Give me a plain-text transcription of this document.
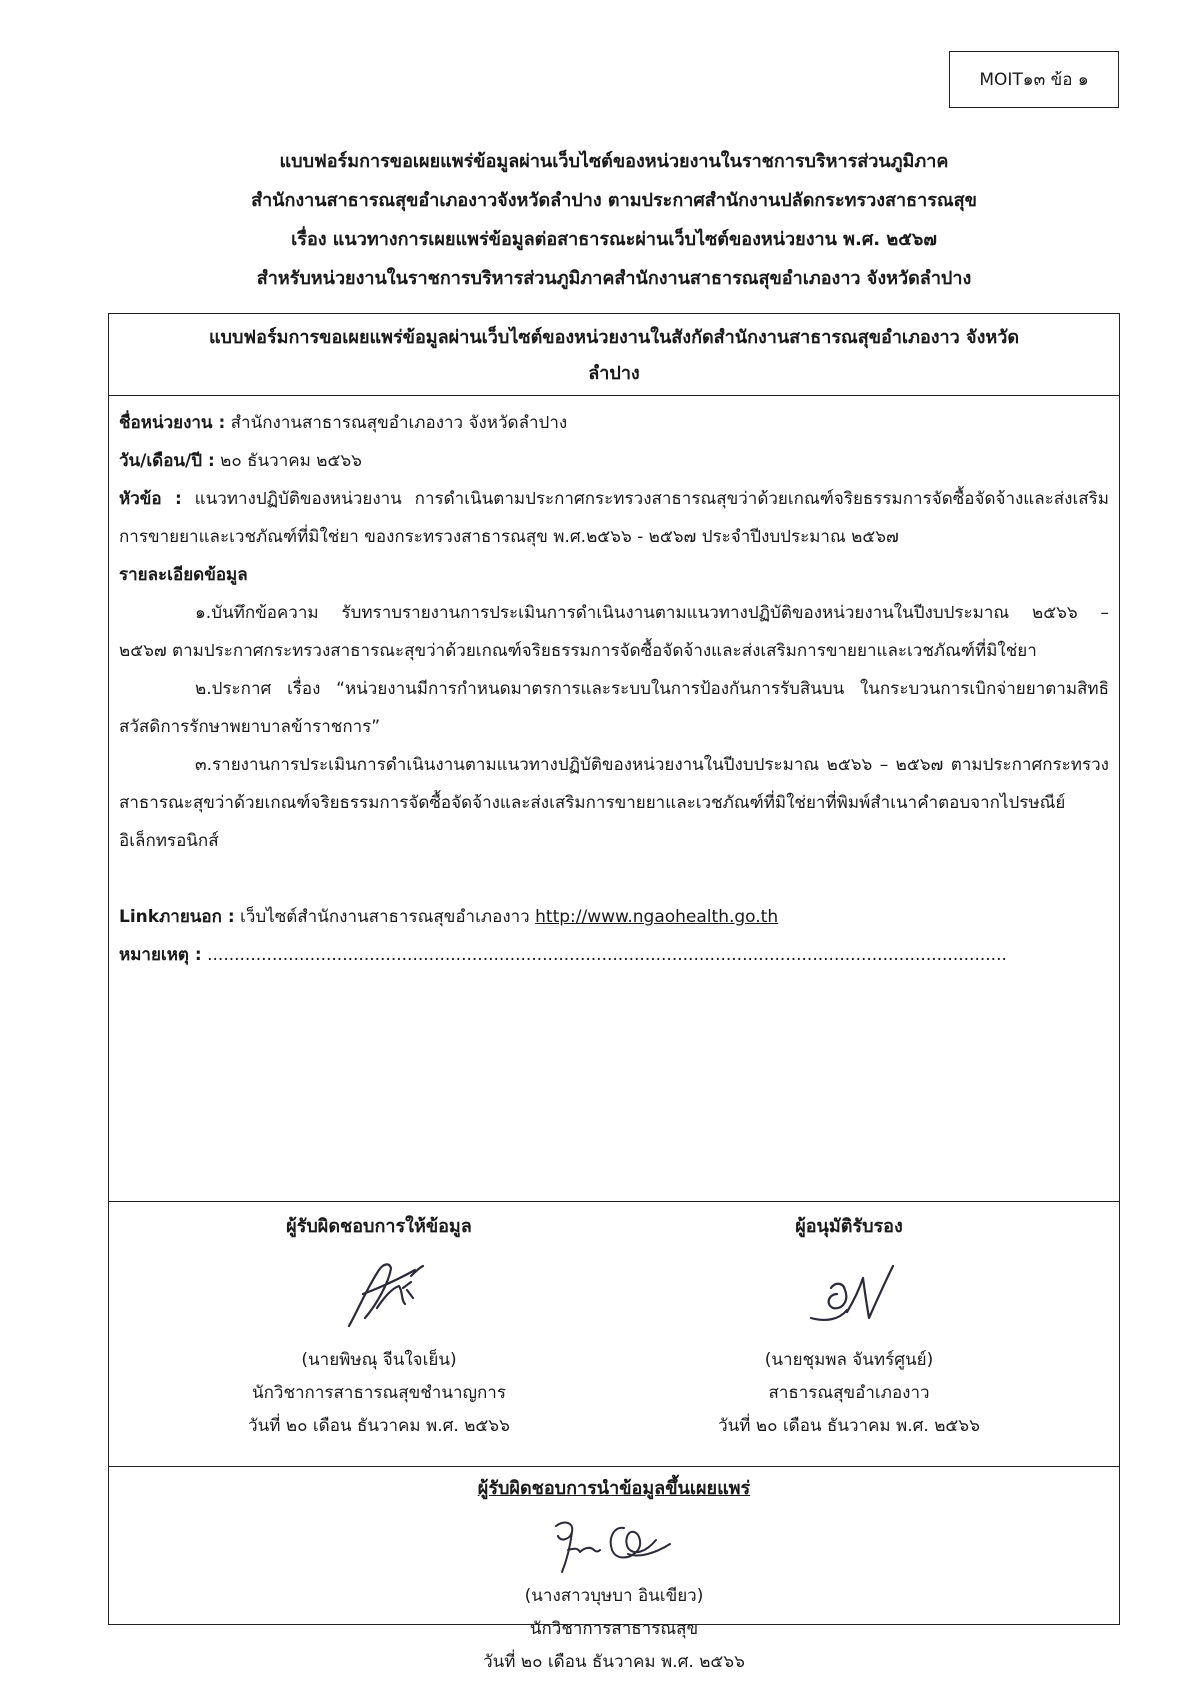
MOIT๑๓ ข้อ ๑
แบบฟอร์มการขอเผยแพร่ข้อมูลผ่านเว็บไซต์ของหน่วยงานในราชการบริหารส่วนภูมิภาค
สำนักงานสาธารณสุขอำเภองาวจังหวัดลำปาง ตามประกาศสำนักงานปลัดกระทรวงสาธารณสุข
เรื่อง แนวทางการเผยแพร่ข้อมูลต่อสาธารณะผ่านเว็บไซต์ของหน่วยงาน พ.ศ. ๒๕๖๗
สำหรับหน่วยงานในราชการบริหารส่วนภูมิภาคสำนักงานสาธารณสุขอำเภองาว จังหวัดลำปาง
แบบฟอร์มการขอเผยแพร่ข้อมูลผ่านเว็บไซต์ของหน่วยงานในสังกัดสำนักงานสาธารณสุขอำเภองาว จังหวัด
ลำปาง
ชื่อหน่วยงาน : สำนักงานสาธารณสุขอำเภองาว จังหวัดลำปาง
วัน/เดือน/ปี : ๒๐ ธันวาคม ๒๕๖๖
หัวข้อ : แนวทางปฏิบัติของหน่วยงาน การดำเนินตามประกาศกระทรวงสาธารณสุขว่าด้วยเกณฑ์จริยธรรมการจัดซื้อจัดจ้างและส่งเสริมการขายยาและเวชภัณฑ์ที่มิใช่ยา ของกระทรวงสาธารณสุข พ.ศ.๒๕๖๖ - ๒๕๖๗ ประจำปีงบประมาณ ๒๕๖๗
รายละเอียดข้อมูล
๑.บันทึกข้อความ รับทราบรายงานการประเมินการดำเนินงานตามแนวทางปฏิบัติของหน่วยงานในปีงบประมาณ ๒๕๖๖ – ๒๕๖๗ ตามประกาศกระทรวงสาธารณะสุขว่าด้วยเกณฑ์จริยธรรมการจัดซื้อจัดจ้างและส่งเสริมการขายยาและเวชภัณฑ์ที่มิใช่ยา
๒.ประกาศ เรื่อง “หน่วยงานมีการกำหนดมาตรการและระบบในการป้องกันการรับสินบน ในกระบวนการเบิกจ่ายยาตามสิทธิสวัสดิการรักษาพยาบาลข้าราชการ”
๓.รายงานการประเมินการดำเนินงานตามแนวทางปฏิบัติของหน่วยงานในปีงบประมาณ ๒๕๖๖ – ๒๕๖๗ ตามประกาศกระทรวงสาธารณะสุขว่าด้วยเกณฑ์จริยธรรมการจัดซื้อจัดจ้างและส่งเสริมการขายยาและเวชภัณฑ์ที่มิใช่ยาที่พิมพ์สำเนาคำตอบจากไปรษณีย์อิเล็กทรอนิกส์
Linkภายนอก : เว็บไซต์สำนักงานสาธารณสุขอำเภองาว http://www.ngaohealth.go.th
หมายเหตุ : ....................................................................................................................................................
ผู้รับผิดชอบการให้ข้อมูล
(นายพิษณุ จีนใจเย็น)
นักวิชาการสาธารณสุขชำนาญการ
วันที่ ๒๐ เดือน ธันวาคม พ.ศ. ๒๕๖๖
ผู้อนุมัติรับรอง
(นายชุมพล จันทร์ศูนย์)
สาธารณสุขอำเภองาว
วันที่ ๒๐ เดือน ธันวาคม พ.ศ. ๒๕๖๖
ผู้รับผิดชอบการนำข้อมูลขึ้นเผยแพร่
(นางสาวบุษบา อินเขียว)
นักวิชาการสาธารณสุข
วันที่ ๒๐ เดือน ธันวาคม พ.ศ. ๒๕๖๖
